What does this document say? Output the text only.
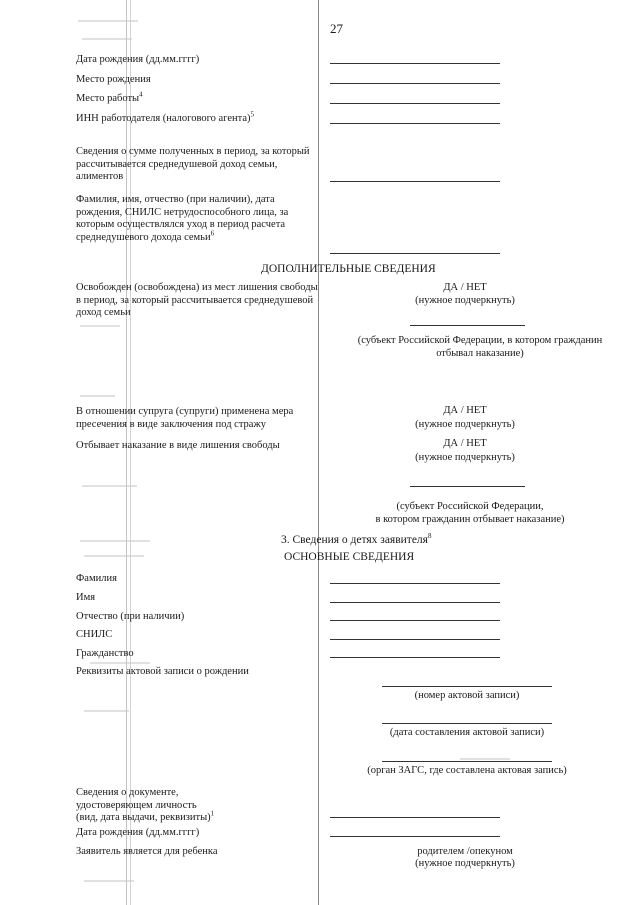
27
Дата рождения (дд.мм.гггг)
Место рождения
Место работы$^4$
ИНН работодателя (налогового агента)$^5$
Сведения о сумме полученных в период, за который
рассчитывается среднедушевой доход семьи,
алиментов
Фамилия, имя, отчество (при наличии), дата
рождения, СНИЛС нетрудоспособного лица, за
которым осуществлялся уход в период расчета
среднедушевого дохода семьи$^6$
ДОПОЛНИТЕЛЬНЫЕ СВЕДЕНИЯ
Освобожден (освобождена) из мест лишения свободы
в период, за который рассчитывается среднедушевой
доход семьи
ДА / НЕТ
(нужное подчеркнуть)
(субъект Российской Федерации, в котором гражданин
отбывал наказание)
В отношении супруга (супруги) применена мера
пресечения в виде заключения под стражу
ДА / НЕТ
(нужное подчеркнуть)
Отбывает наказание в виде лишения свободы	ДА / НЕТ
(нужное подчеркнуть)
(субъект Российской Федерации,
в котором гражданин отбывает наказание)
3. Сведения о детях заявителя$^8$
ОСНОВНЫЕ СВЕДЕНИЯ
Фамилия
Имя
Отчество (при наличии)
СНИЛС
Гражданство
Реквизиты актовой записи о рождении
(номер актовой записи)
(дата составления актовой записи)
(орган ЗАГС, где составлена актовая запись)
Сведения о документе,
удостоверяющем личность
(вид, дата выдачи, реквизиты)$^1$
Дата рождения (дд.мм.гггг)
Заявитель является для ребенка	родителем /опекуном
(нужное подчеркнуть)
